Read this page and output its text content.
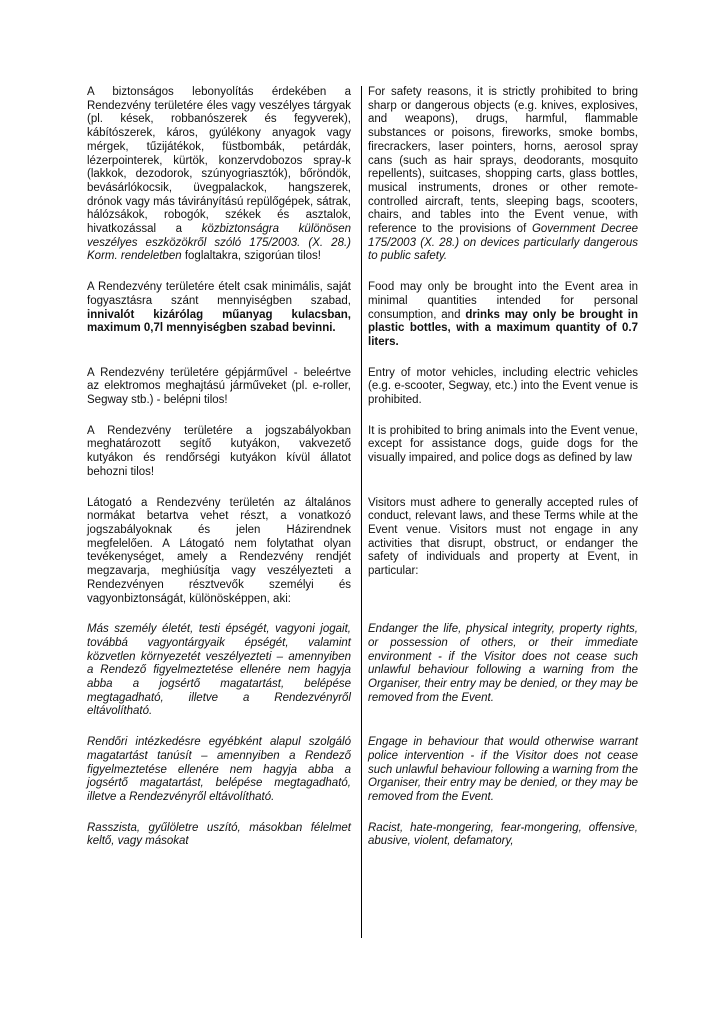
A biztonságos lebonyolítás érdekében a Rendezvény területére éles vagy veszélyes tárgyak (pl. kések, robbanószerek és fegyverek), kábítószerek, káros, gyúlékony anyagok vagy mérgek, tűzijátékok, füstbombák, petárdák, lézerpointerek, kürtök, konzervdobozos spray-k (lakkok, dezodorok, szúnyogriasztók), bőröndök, bevásárlókocsik, üvegpalackok, hangszerek, drónok vagy más távirányítású repülőgépek, sátrak, hálózsákok, robogók, székek és asztalok, hivatkozással a közbiztonságra különösen veszélyes eszközökről szóló 175/2003. (X. 28.) Korm. rendeletben foglaltakra, szigorúan tilos!

For safety reasons, it is strictly prohibited to bring sharp or dangerous objects (e.g. knives, explosives, and weapons), drugs, harmful, flammable substances or poisons, fireworks, smoke bombs, firecrackers, laser pointers, horns, aerosol spray cans (such as hair sprays, deodorants, mosquito repellents), suitcases, shopping carts, glass bottles, musical instruments, drones or other remote-controlled aircraft, tents, sleeping bags, scooters, chairs, and tables into the Event venue, with reference to the provisions of Government Decree 175/2003 (X. 28.) on devices particularly dangerous to public safety.

A Rendezvény területére ételt csak minimális, saját fogyasztásra szánt mennyiségben szabad, innivalót kizárólag műanyag kulacsban, maximum 0,7l mennyiségben szabad bevinni.

Food may only be brought into the Event area in minimal quantities intended for personal consumption, and drinks may only be brought in plastic bottles, with a maximum quantity of 0.7 liters.

A Rendezvény területére gépjárművel - beleértve az elektromos meghajtású járműveket (pl. e-roller, Segway stb.) - belépni tilos!

Entry of motor vehicles, including electric vehicles (e.g. e-scooter, Segway, etc.) into the Event venue is prohibited.

A Rendezvény területére a jogszabályokban meghatározott segítő kutyákon, vakvezető kutyákon és rendőrségi kutyákon kívül állatot behozni tilos!

It is prohibited to bring animals into the Event venue, except for assistance dogs, guide dogs for the visually impaired, and police dogs as defined by law

Látogató a Rendezvény területén az általános normákat betartva vehet részt, a vonatkozó jogszabályoknak és jelen Házirendnek megfelelően. A Látogató nem folytathat olyan tevékenységet, amely a Rendezvény rendjét megzavarja, meghiúsítja vagy veszélyezteti a Rendezvényen résztvevők személyi és vagyonbiztonságát, különösképpen, aki:

Visitors must adhere to generally accepted rules of conduct, relevant laws, and these Terms while at the Event venue. Visitors must not engage in any activities that disrupt, obstruct, or endanger the safety of individuals and property at Event, in particular:

Más személy életét, testi épségét, vagyoni jogait, továbbá vagyontárgyaik épségét, valamint közvetlen környezetét veszélyezteti – amennyiben a Rendező figyelmeztetése ellenére nem hagyja abba a jogsértő magatartást, belépése megtagadható, illetve a Rendezvényről eltávolítható.

Endanger the life, physical integrity, property rights, or possession of others, or their immediate environment - if the Visitor does not cease such unlawful behaviour following a warning from the Organiser, their entry may be denied, or they may be removed from the Event.

Rendőri intézkedésre egyébként alapul szolgáló magatartást tanúsít – amennyiben a Rendező figyelmeztetése ellenére nem hagyja abba a jogsértő magatartást, belépése megtagadható, illetve a Rendezvényről eltávolítható.

Engage in behaviour that would otherwise warrant police intervention - if the Visitor does not cease such unlawful behaviour following a warning from the Organiser, their entry may be denied, or they may be removed from the Event.

Rasszista, gyűlöletre uszító, másokban félelmet keltő, vagy másokat

Racist, hate-mongering, fear-mongering, offensive, abusive, violent, defamatory,
